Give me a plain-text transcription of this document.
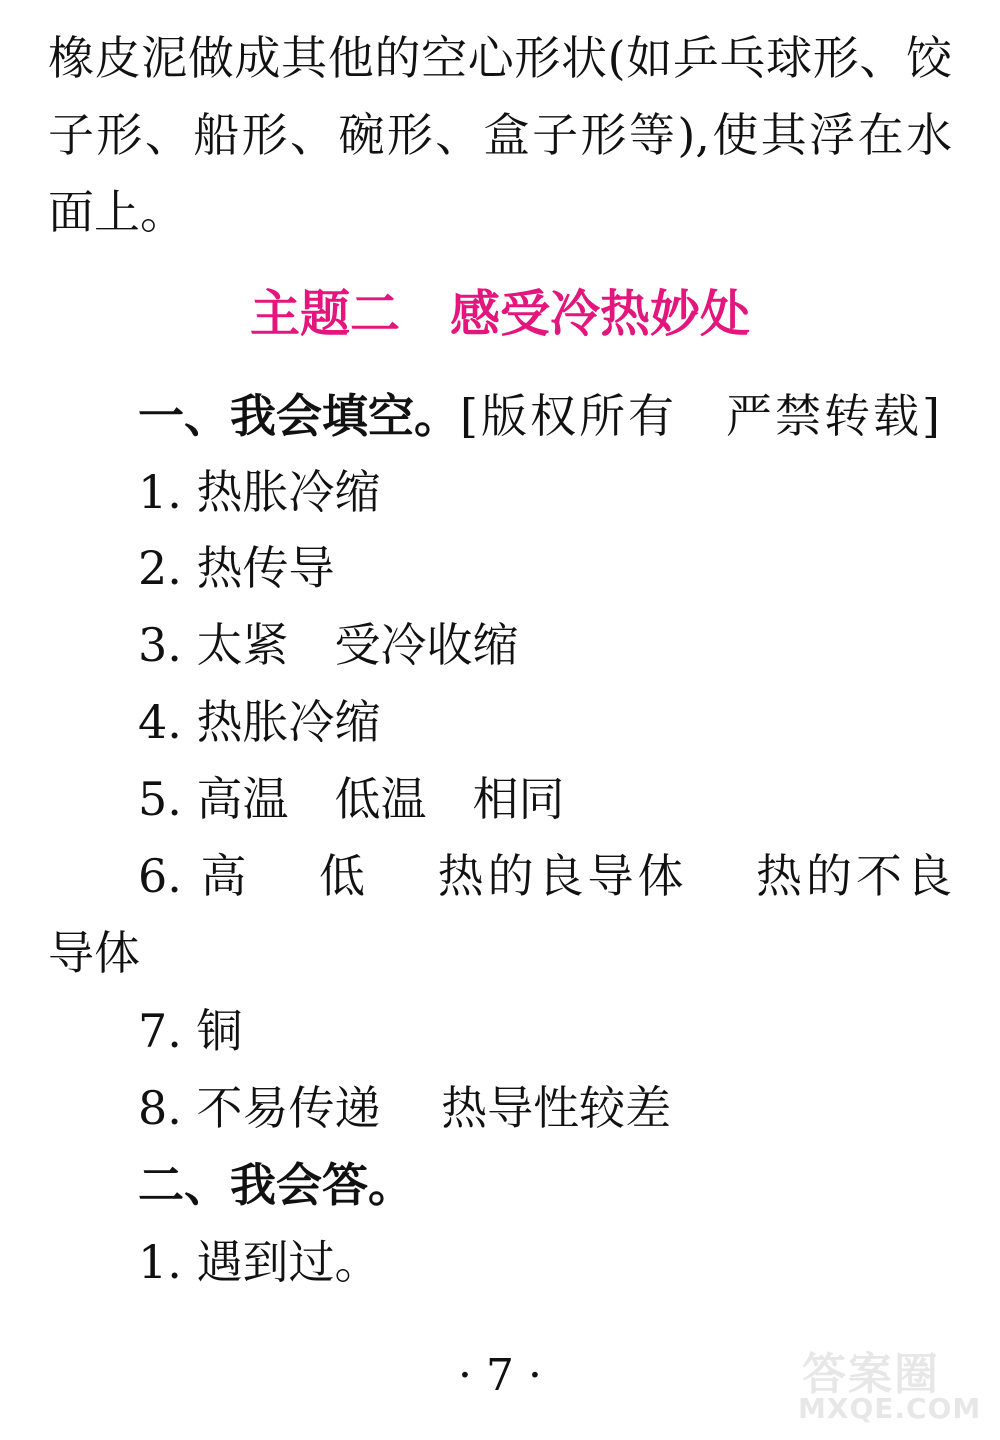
橡皮泥做成其他的空心形状(如乒乓球形、饺
子形、船形、碗形、盒子形等),使其浮在水
面上。
主题二　感受冷热妙处
一、我会填空。[版权所有　严禁转载]
1. 热胀冷缩
2. 热传导
3. 太紧　受冷收缩
4. 热胀冷缩
5. 高温　低温　相同
6. 高　 低　 热的良导体　 热的不良
导体
7. 铜
8. 不易传递　 热导性较差
二、我会答。
1. 遇到过。
· 7 ·	答案圈
MXQE.COM
